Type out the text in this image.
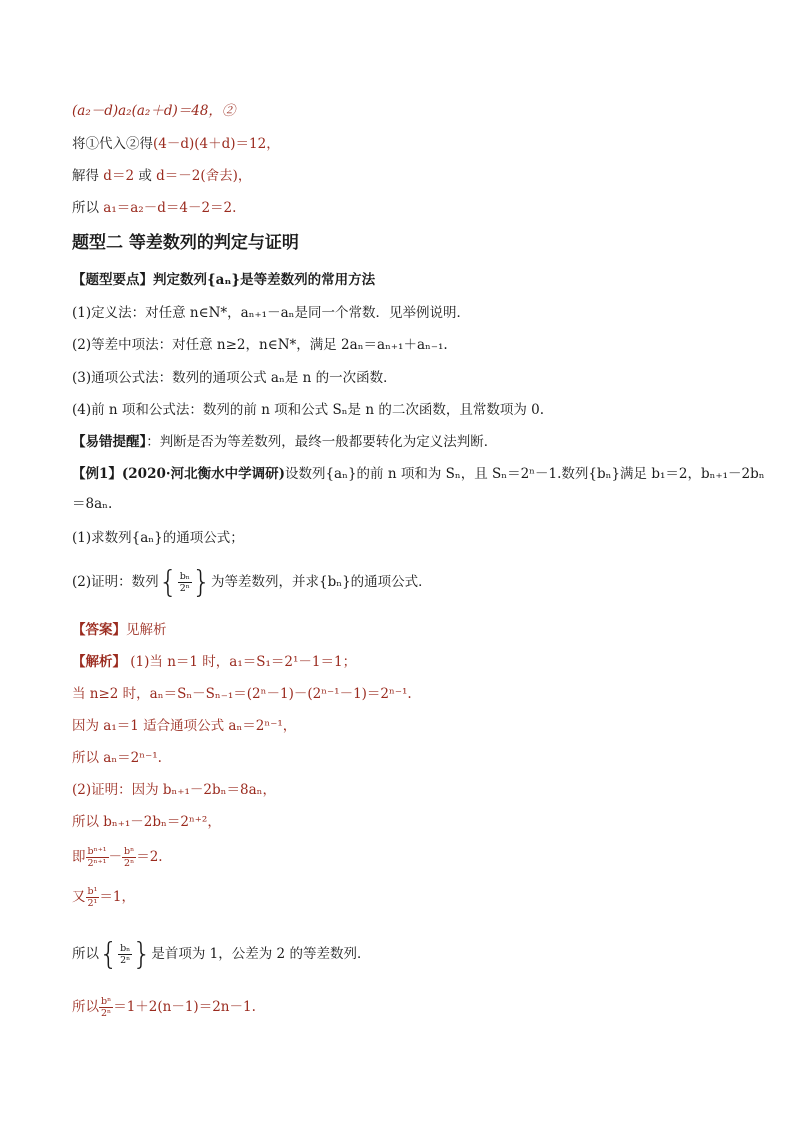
(a₂－d)a₂(a₂＋d)＝48，②
将①代入②得(4－d)(4＋d)＝12，
解得 d＝2 或 d＝－2(舍去)，
所以 a₁＝a₂－d＝4－2＝2.
题型二 等差数列的判定与证明
【题型要点】判定数列{aₙ}是等差数列的常用方法
(1)定义法：对任意 n∈N*，aₙ₊₁－aₙ是同一个常数．见举例说明．
(2)等差中项法：对任意 n≥2，n∈N*，满足 2aₙ＝aₙ₊₁＋aₙ₋₁.
(3)通项公式法：数列的通项公式 aₙ是 n 的一次函数．
(4)前 n 项和公式法：数列的前 n 项和公式 Sₙ是 n 的二次函数，且常数项为 0.
【易错提醒】：判断是否为等差数列，最终一般都要转化为定义法判断．
【例1】(2020·河北衡水中学调研)设数列{aₙ}的前 n 项和为 Sₙ，且 Sₙ＝2ⁿ－1.数列{bₙ}满足 b₁＝2，bₙ₊₁－2bₙ
＝8aₙ.
(1)求数列{aₙ}的通项公式；
(2)证明：数列{ $\frac{\text{bₙ}}{\text{2ⁿ}}$ }为等差数列，并求{bₙ}的通项公式．
【答案】见解析
【解析】 (1)当 n＝1 时，a₁＝S₁＝2¹－1＝1；
当 n≥2 时，aₙ＝Sₙ－Sₙ₋₁＝(2ⁿ－1)－(2ⁿ⁻¹－1)＝2ⁿ⁻¹.
因为 a₁＝1 适合通项公式 aₙ＝2ⁿ⁻¹，
所以 aₙ＝2ⁿ⁻¹.
(2)证明：因为 bₙ₊₁－2bₙ＝8aₙ，
所以 bₙ₊₁－2bₙ＝2ⁿ⁺²，
即 $\frac{\text{bⁿ⁺¹}}{\text{2ⁿ⁺¹}} - \frac{\text{bⁿ}}{\text{2ⁿ}} =2$.
又 $\frac{\text{b¹}}{\text{2¹}} =1$，
所以{ $\frac{\text{bₙ}}{\text{2ⁿ}}$ }是首项为 1，公差为 2 的等差数列．
所以 $\frac{\text{bⁿ}}{\text{2ⁿ}} =1+2(n-1)=2n-1$.
